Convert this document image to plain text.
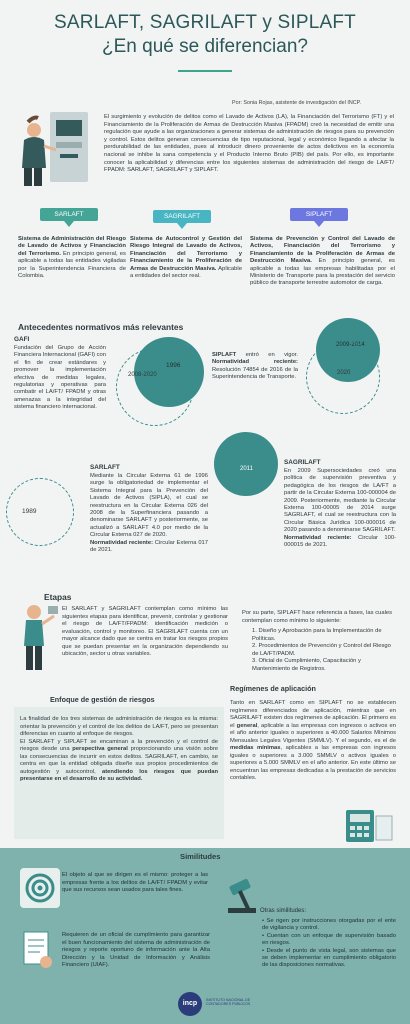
SARLAFT, SAGRILAFT y SIPLAFT
¿En qué se diferencian?
Por: Sonia Rojas, asistente de investigación del INCP.
El surgimiento y evolución de delitos como el Lavado de Activos (LA), la Financiación del Terrorismo (FT) y el Financiamiento de la Proliferación de Armas de Destrucción Masiva (FPADM) creó la necesidad de emitir una regulación que ayude a las organizaciones a generar sistemas de administración de riesgos para su prevención y control. Estos delitos generan consecuencias de tipo reputacional, legal y económico llegando a afectar la perdurabilidad de las entidades, pues al introducir dinero proveniente de actos delictivos en la economía nacional se inhibe la sana competencia y el Producto Interno Bruto (PIB) del país. Por ello, es importante conocer la aplicabilidad y diferencias entre los siguientes sistemas de administración del riesgo de LA/FT/ FPADM: SARLAFT, SAGRILAFT y SIPLAFT.
SARLAFT	SAGRILAFT	SIPLAFT
Sistema de Administración del Riesgo de Lavado de Activos y Financiación del Terrorismo. En principio general, es aplicable a todas las entidades vigiladas por la Superintendencia Financiera de Colombia.
Sistema de Autocontrol y Gestión del Riesgo Integral de Lavado de Activos, Financiación del Terrorismo y Financiamiento de la Proliferación de Armas de Destrucción Masiva. Aplicable a entidades del sector real.
Sistema de Prevención y Control del Lavado de Activos, Financiación del Terrorismo y Financiamiento de la Proliferación de Armas de Destrucción Masiva. En principio general, es aplicable a todas las empresas habilitadas por el Ministerio de Transporte para la prestación del servicio público de transporte terrestre automotor de carga.
Antecedentes normativos más relevantes
GAFI
Fundación del Grupo de Acción Financiera Internacional (GAFI) con el fin de crear estándares y promover la implementación efectiva de medidas legales, regulatorias y operativas para combatir el LA/FT/ FPADM y otras amenazas a la integridad del sistema financiero internacional.
1996
2008-2020
1989
SARLAFT
Mediante la Circular Externa 61 de 1996 surge la obligatoriedad de implementar el Sistema Integral para la Prevención del Lavado de Activos (SIPLA), el cual se reestructura en la Circular Externa 026 del 2008 de la Superfinanciera pasando a denominarse SARLAFT y posteriormente, se actualizó a SARLAFT 4.0 por medio de la Circular Externa 027 de 2020.
Normatividad reciente: Circular Externa 017 de 2021.
SIPLAFT entró en vigor. Normatividad reciente: Resolución 74854 de 2016 de la Superintendencia de Transporte.
2009-2014
2020
2011
SAGRILAFT
En 2009 Supersociedades creó una política de supervisión preventiva y pedagógica de los riesgos de LA/FT a partir de la Circular Externa 100-000004 de 2009. Posteriormente, mediante la Circular Externa 100-00005 de 2014 surge SAGRLAFT, el cual se reestructura con la Circular Básica Jurídica 100-000016 de 2020 pasando a denominarse SAGRILAFT.
Normatividad reciente: Circular 100-000015 de 2021.
Etapas
El SARLAFT y SAGRILAFT contemplan como mínimo las siguientes etapas para identificar, prevenir, controlar y gestionar el riesgo de LA/FT/FPADM: identificación medición o evaluación, control y monitoreo. El SAGRILAFT cuenta con un mayor alcance dado que se centra en tratar los riesgos propios que se puedan presentar en la organización dependiendo su ubicación, sector u otras variables.
Por su parte, SIPLAFT hace referencia a fases, las cuales contemplan como mínimo lo siguiente:
1. Diseño y Aprobación para la Implementación de Políticas.
2. Procedimientos de Prevención y Control del Riesgo de LA/FT/PADM.
3. Oficial de Cumplimiento, Capacitación y Mantenimiento de Registros.
Enfoque de gestión de riesgos
La finalidad de los tres sistemas de administración de riesgos es la misma: orientar la prevención y el control de los delitos de LA/FT, pero se presentan diferencias en cuanto al enfoque de riesgos.
El SARLAFT y SIPLAFT se encaminan a la prevención y el control de riesgos desde una perspectiva general proporcionando una visión sobre las consecuencias de incurrir en estos delitos. SAGRILAFT, en cambio, se centra en que la entidad obligada diseñe sus propios procedimientos de autogestión y autocontrol, atendiendo los riesgos que puedan presentarse en el desarrollo de su actividad.
Regímenes de aplicación
Tanto en SARLAFT como en SIPLAFT no se establecen regímenes diferenciados de aplicación, mientras que en SAGRILAFT existen dos regímenes de aplicación. El primero es el general, aplicable a las empresas con ingresos o activos en el año anterior iguales o superiores a 40.000 Salarios Mínimos Mensuales Legales Vigentes (SMMLV). Y el segundo, es el de medidas mínimas, aplicables a las empresas con ingresos iguales o superiores a 3.000 SMMLV o activos iguales o superiores a 5.000 SMMLV en el año anterior. En este último se encuentran las empresas dedicadas a la prestación de servicios contables.
Similitudes
El objeto al que se dirigen es el mismo: proteger a las empresas frente a los delitos de LA/FT/ FPADM y evitar que sus recursos sean usados para tales fines.
Requieren de un oficial de cumplimiento para garantizar el buen funcionamiento del sistema de administración de riesgos y reporte oportuno de información ante la Alta Dirección y la Unidad de Información y Análisis Financiero (UIAF).
Otras similitudes:
• Se rigen por instrucciones otorgadas por el ente de vigilancia y control.
• Cuentan con un enfoque de supervisión basado en riesgos.
• Desde el punto de vista legal, son sistemas que se deben implementar en cumplimiento obligatorio de las disposiciones normativas.
incp	INSTITUTO NACIONAL DE CONTADORES PÚBLICOS
